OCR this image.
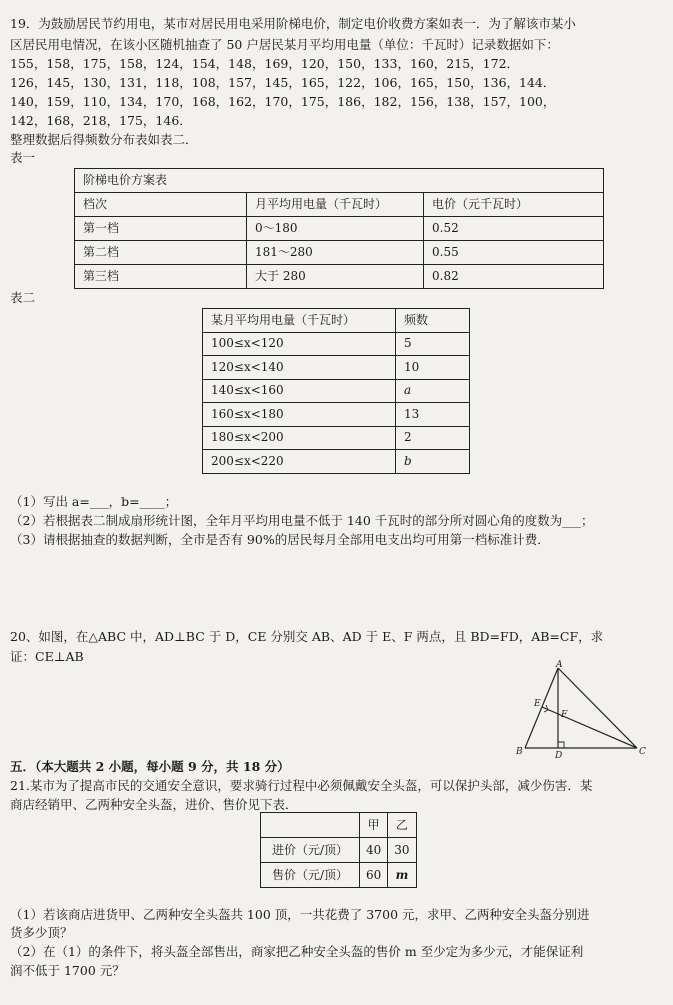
19．为鼓励居民节约用电，某市对居民用电采用阶梯电价，制定电价收费方案如表一．为了解该市某小
区居民用电情况，在该小区随机抽查了 50 户居民某月平均用电量（单位：千瓦时）记录数据如下：
155，158，175，158，124，154，148，169，120，150，133，160，215，172．
126，145，130，131，118，108，157，145，165，122，106，165，150，136，144．
140，159，110，134，170，168，162，170，175，186，182，156，138，157，100，
142，168，218，175，146．
整理数据后得频数分布表如表二．
表一
阶梯电价方案表		
档次	月平均用电量（千瓦时）	电价（元千瓦时）
第一档	0～180	0.52
第二档	181～280	0.55
第三档	大于 280	0.82
表二
某月平均用电量（千瓦时）	频数
100≤x<120	5
120≤x<140	10
140≤x<160	a
160≤x<180	13
180≤x<200	2
200≤x<220	b
（1）写出 a=___，b=____；
（2）若根据表二制成扇形统计图，全年月平均用电量不低于 140 千瓦时的部分所对圆心角的度数为___；
（3）请根据抽查的数据判断，全市是否有 90%的居民每月全部用电支出均可用第一档标准计费．
20、如图，在△ABC 中，AD⊥BC 于 D，CE 分别交 AB、AD 于 E、F 两点，且 BD=FD，AB=CF，求
证：CE⊥AB
A
B	C
D
E
F
五．（本大题共 2 小题，每小题 9 分，共 18 分）
21.某市为了提高市民的交通安全意识，要求骑行过程中必须佩戴安全头盔，可以保护头部，减少伤害．某
商店经销甲、乙两种安全头盔，进价、售价见下表．
	甲	乙
进价（元/顶）	40	30
售价（元/顶）	60	m
（1）若该商店进货甲、乙两种安全头盔共 100 顶，一共花费了 3700 元，求甲、乙两种安全头盔分别进
货多少顶？
（2）在（1）的条件下，将头盔全部售出，商家把乙种安全头盔的售价 m 至少定为多少元，才能保证利
润不低于 1700 元？
